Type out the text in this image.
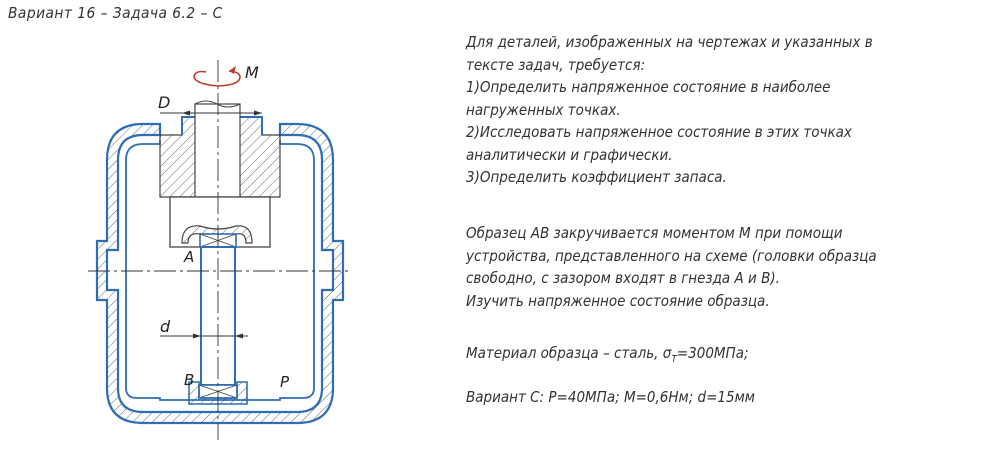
Вариант 16 – Задача 6.2 – С
M
D
d
A
B	P
Для деталей, изображенных на чертежах и указанных в
тексте задач, требуется:
1)Определить напряженное состояние в наиболее
нагруженных точках.
2)Исследовать напряженное состояние в этих точках
аналитически и графически.
3)Определить коэффициент запаса.
Образец АВ закручивается моментом М при помощи
устройства, представленного на схеме (головки образца
свободно, с зазором входят в гнезда А и В).
Изучить напряженное состояние образца.
Материал образца – сталь, $\sigma_Т=300МПа$;
Вариант С: Р=40МПа; М=0,6Нм; d=15мм
